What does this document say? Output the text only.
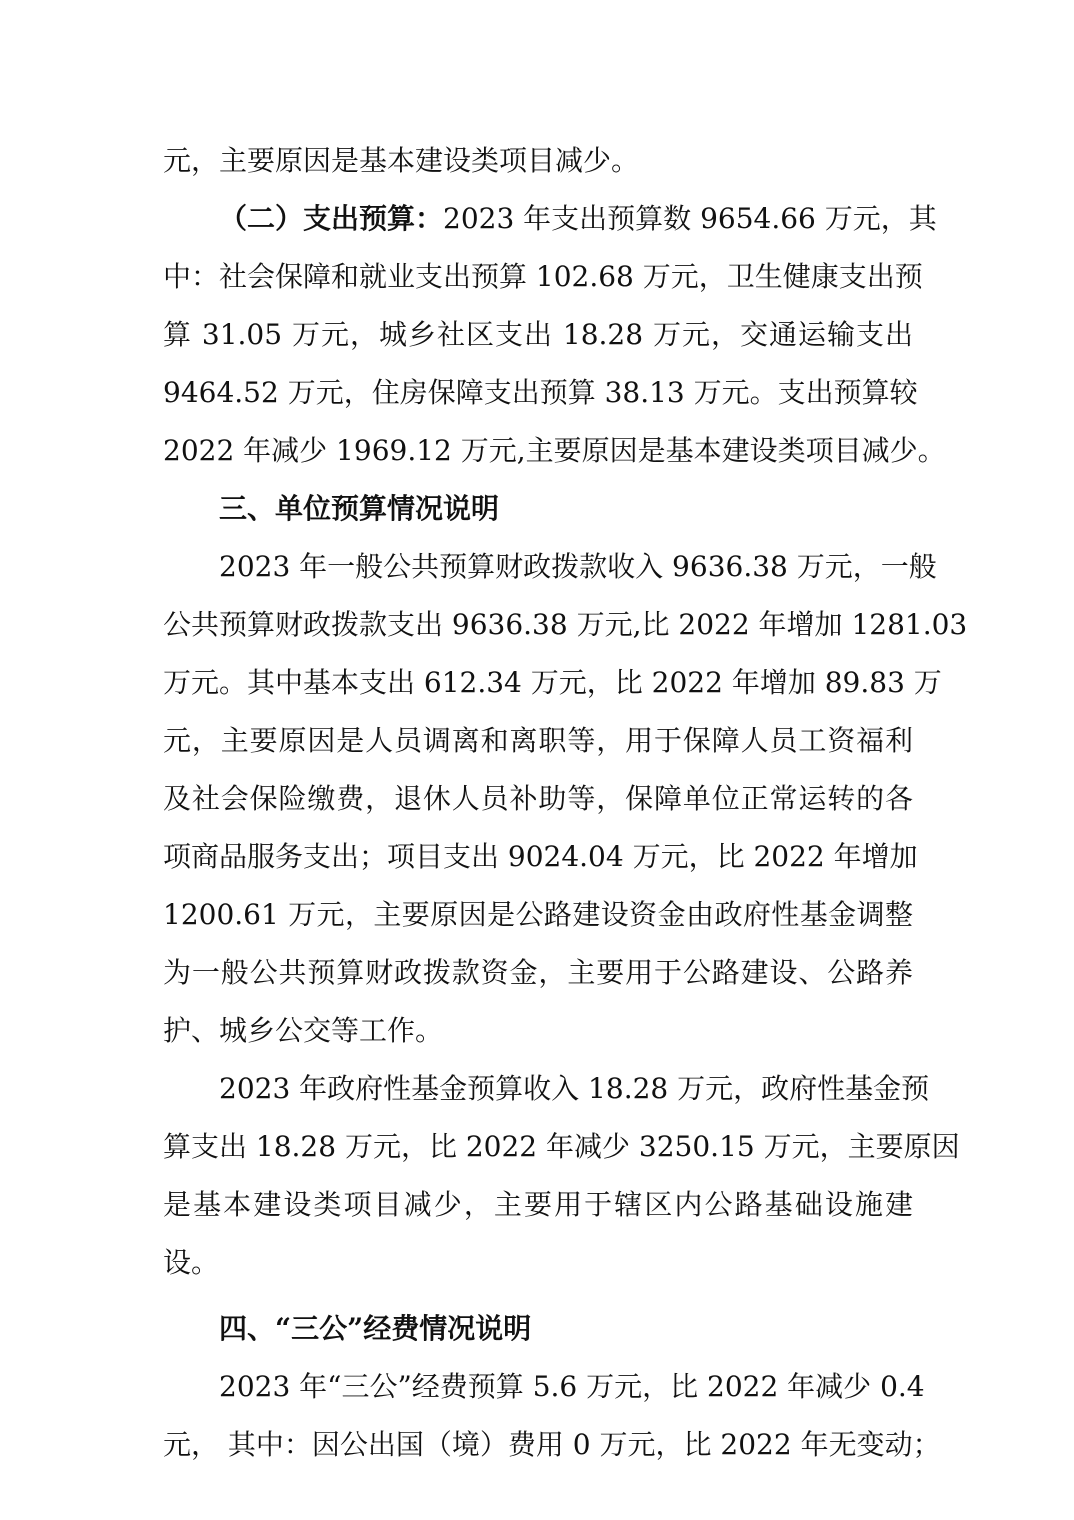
元，主要原因是基本建设类项目减少。
（二）支出预算：2023 年支出预算数 9654.66 万元，其
中：社会保障和就业支出预算 102.68 万元，卫生健康支出预
算 31.05 万元，城乡社区支出 18.28 万元，交通运输支出
9464.52 万元，住房保障支出预算 38.13 万元。支出预算较
2022 年减少 1969.12 万元,主要原因是基本建设类项目减少。
三、单位预算情况说明
2023 年一般公共预算财政拨款收入 9636.38 万元，一般
公共预算财政拨款支出 9636.38 万元,比 2022 年增加 1281.03
万元。其中基本支出 612.34 万元，比 2022 年增加 89.83 万
元，主要原因是人员调离和离职等，用于保障人员工资福利
及社会保险缴费，退休人员补助等，保障单位正常运转的各
项商品服务支出；项目支出 9024.04 万元，比 2022 年增加
1200.61 万元，主要原因是公路建设资金由政府性基金调整
为一般公共预算财政拨款资金，主要用于公路建设、公路养
护、城乡公交等工作。
2023 年政府性基金预算收入 18.28 万元，政府性基金预
算支出 18.28 万元，比 2022 年减少 3250.15 万元，主要原因
是基本建设类项目减少，主要用于辖区内公路基础设施建
设。
四、“三公”经费情况说明
2023 年“三公”经费预算 5.6 万元，比 2022 年减少 0.4
元， 其中：因公出国（境）费用 0 万元，比 2022 年无变动；
